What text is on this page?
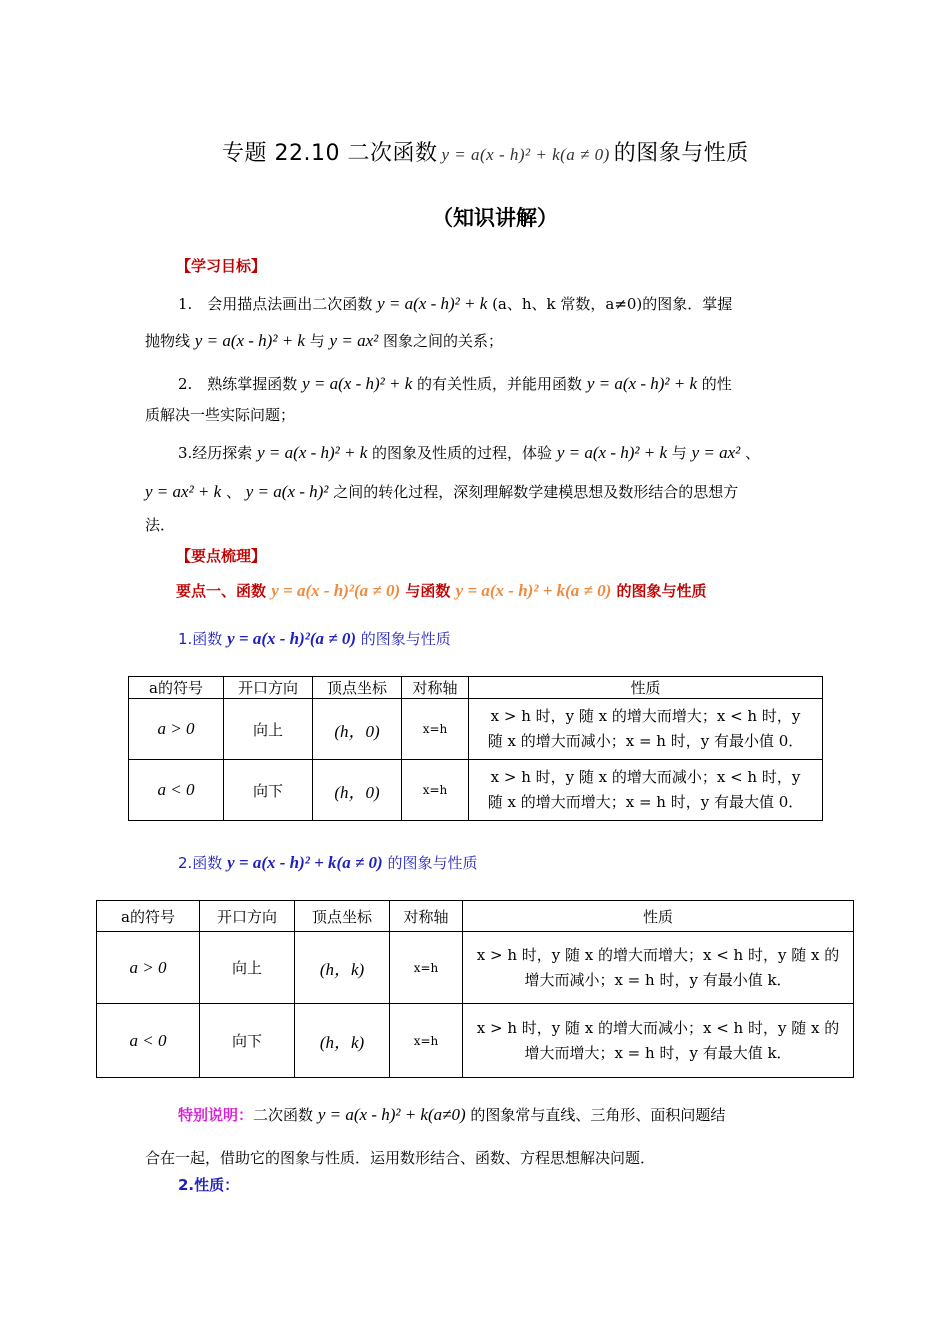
专题 22.10 二次函数 y = a(x - h)² + k(a ≠ 0) 的图象与性质
（知识讲解）
【学习目标】
1.　会用描点法画出二次函数 y = a(x - h)² + k (a、h、k 常数，a≠0)的图象．掌握
抛物线 y = a(x - h)² + k 与 y = ax² 图象之间的关系；
2.　熟练掌握函数 y = a(x - h)² + k 的有关性质，并能用函数 y = a(x - h)² + k 的性
质解决一些实际问题；
3.经历探索 y = a(x - h)² + k 的图象及性质的过程，体验 y = a(x - h)² + k 与 y = ax² 、
y = ax² + k 、 y = a(x - h)² 之间的转化过程，深刻理解数学建模思想及数形结合的思想方
法．
【要点梳理】
要点一、函数 y = a(x - h)²(a ≠ 0) 与函数 y = a(x - h)² + k(a ≠ 0) 的图象与性质
1.函数 y = a(x - h)²(a ≠ 0) 的图象与性质
a的符号	开口方向	顶点坐标	对称轴	性质
a > 0	向上	(h，0)	x=h	x > h 时，y 随 x 的增大而增大；x < h 时，y
随 x 的增大而减小；x = h 时，y 有最小值 0．

a < 0	向下	(h，0)	x=h	x > h 时，y 随 x 的增大而减小；x < h 时，y
随 x 的增大而增大；x = h 时，y 有最大值 0．
2.函数 y = a(x - h)² + k(a ≠ 0) 的图象与性质
a的符号	开口方向	顶点坐标	对称轴	性质
a > 0	向上	(h，k)	x=h	x > h 时，y 随 x 的增大而增大；x < h 时，y 随 x 的
增大而减小；x = h 时，y 有最小值 k．

a < 0	向下	(h，k)	x=h	x > h 时，y 随 x 的增大而减小；x < h 时，y 随 x 的
增大而增大；x = h 时，y 有最大值 k．
特别说明：二次函数 y = a(x - h)² + k(a≠0) 的图象常与直线、三角形、面积问题结
合在一起，借助它的图象与性质．运用数形结合、函数、方程思想解决问题．
2.性质：
